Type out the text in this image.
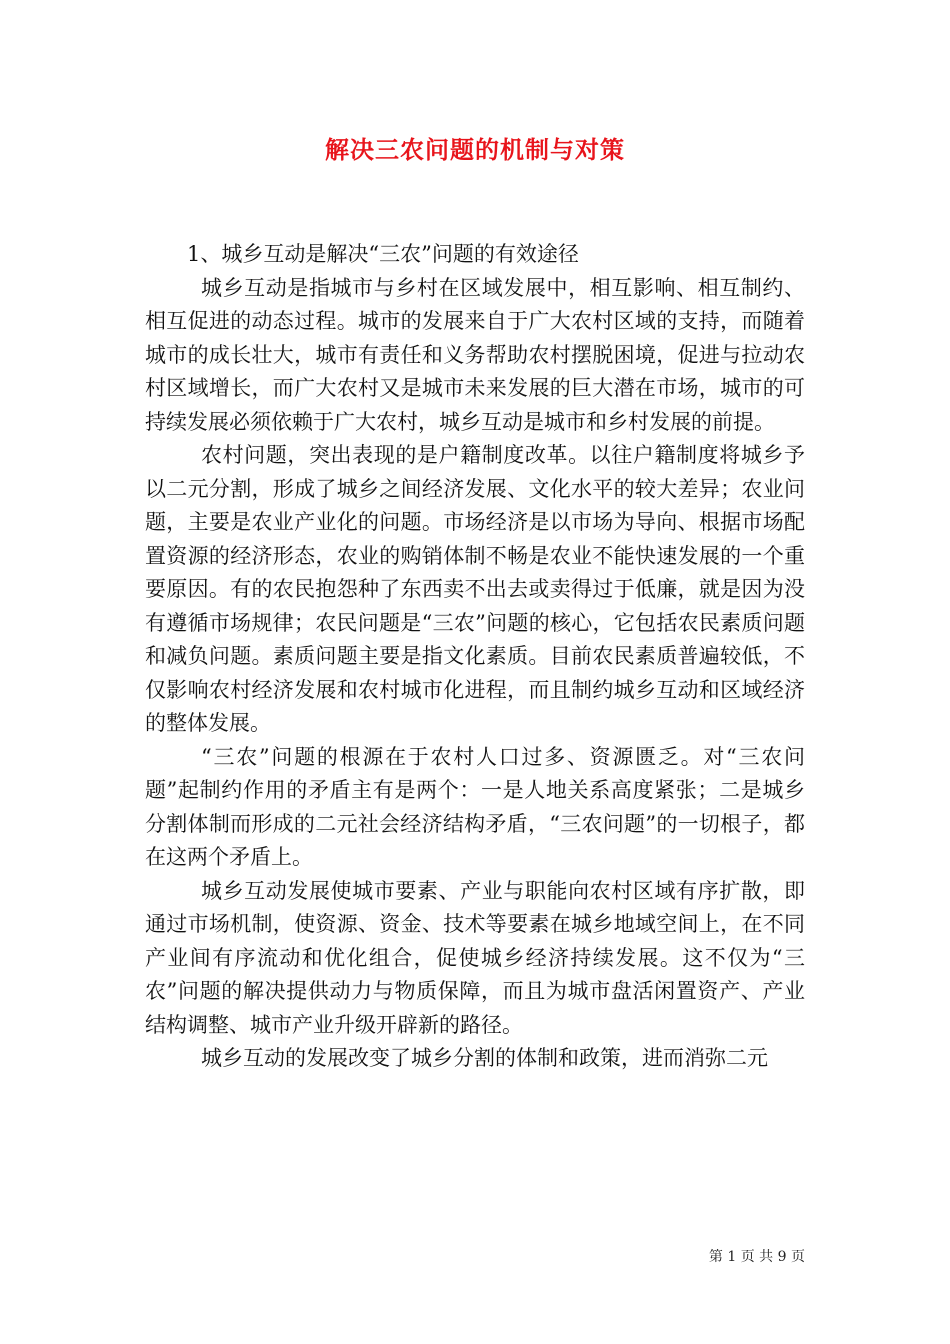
解决三农问题的机制与对策

1、城乡互动是解决“三农”问题的有效途径

城乡互动是指城市与乡村在区域发展中，相互影响、相互制约、相互促进的动态过程。城市的发展来自于广大农村区域的支持，而随着城市的成长壮大，城市有责任和义务帮助农村摆脱困境，促进与拉动农村区域增长，而广大农村又是城市未来发展的巨大潜在市场，城市的可持续发展必须依赖于广大农村，城乡互动是城市和乡村发展的前提。

农村问题，突出表现的是户籍制度改革。以往户籍制度将城乡予以二元分割，形成了城乡之间经济发展、文化水平的较大差异；农业问题，主要是农业产业化的问题。市场经济是以市场为导向、根据市场配置资源的经济形态，农业的购销体制不畅是农业不能快速发展的一个重要原因。有的农民抱怨种了东西卖不出去或卖得过于低廉，就是因为没有遵循市场规律；农民问题是“三农”问题的核心，它包括农民素质问题和减负问题。素质问题主要是指文化素质。目前农民素质普遍较低，不仅影响农村经济发展和农村城市化进程，而且制约城乡互动和区域经济的整体发展。

“三农”问题的根源在于农村人口过多、资源匮乏。对“三农问题”起制约作用的矛盾主有是两个：一是人地关系高度紧张；二是城乡分割体制而形成的二元社会经济结构矛盾，“三农问题”的一切根子，都在这两个矛盾上。

城乡互动发展使城市要素、产业与职能向农村区域有序扩散，即通过市场机制，使资源、资金、技术等要素在城乡地域空间上，在不同产业间有序流动和优化组合，促使城乡经济持续发展。这不仅为“三农”问题的解决提供动力与物质保障，而且为城市盘活闲置资产、产业结构调整、城市产业升级开辟新的路径。

城乡互动的发展改变了城乡分割的体制和政策，进而消弥二元

第 1 页 共 9 页
